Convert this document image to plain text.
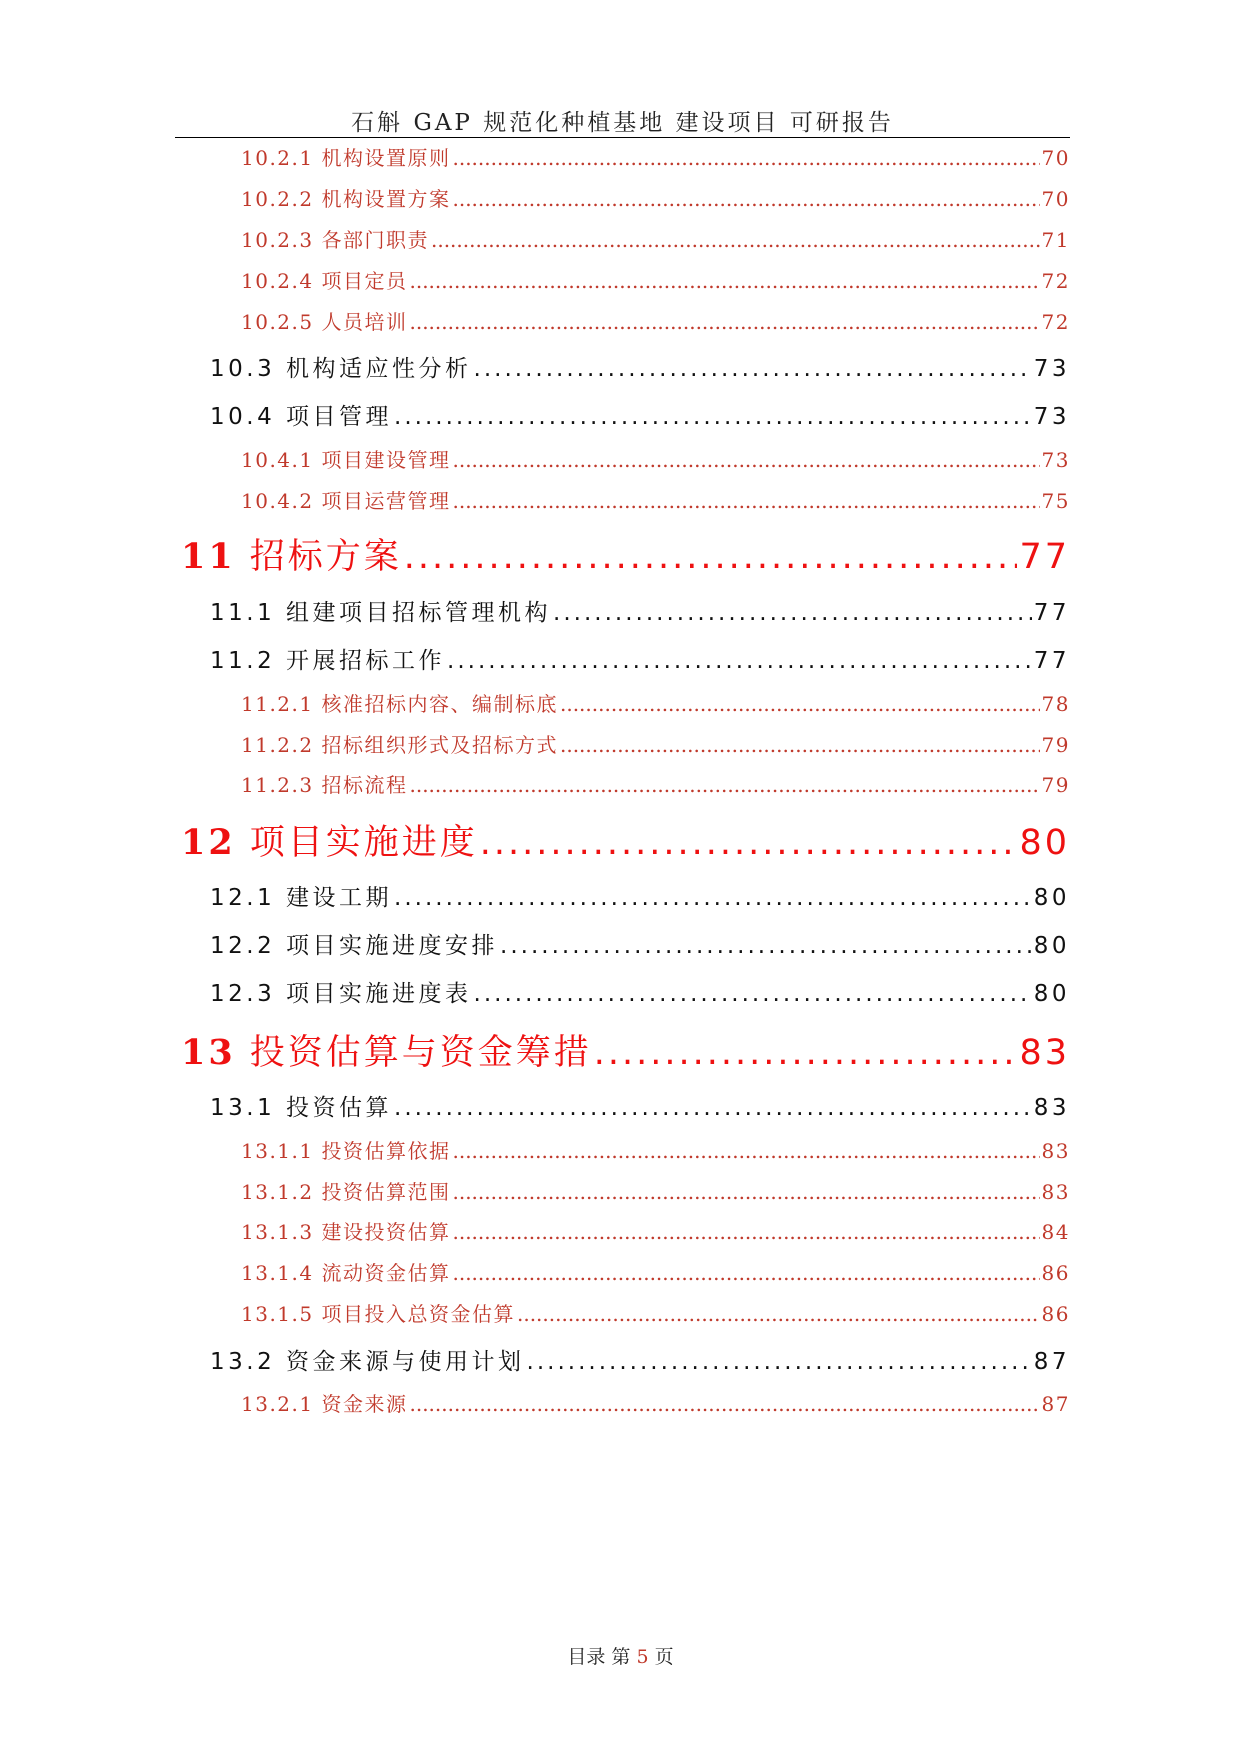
石斛 GAP 规范化种植基地 建设项目 可研报告
10.2.1 机构设置原则 .....	70
10.2.2 机构设置方案 .....	70
10.2.3 各部门职责 .....	71
10.2.4 项目定员 .....	72
10.2.5 人员培训 .....	72
10.3 机构适应性分析 .....	73
10.4 项目管理 .....	73
10.4.1 项目建设管理 .....	73
10.4.2 项目运营管理 .....	75
11 招标方案 .....	77
11.1 组建项目招标管理机构 .....	77
11.2 开展招标工作 .....	77
11.2.1 核准招标内容、编制标底 .....	78
11.2.2 招标组织形式及招标方式 .....	79
11.2.3 招标流程 .....	79
12 项目实施进度 .....	80
12.1 建设工期 .....	80
12.2 项目实施进度安排 .....	80
12.3 项目实施进度表 .....	80
13 投资估算与资金筹措 .....	83
13.1 投资估算 .....	83
13.1.1 投资估算依据 .....	83
13.1.2 投资估算范围 .....	83
13.1.3 建设投资估算 .....	84
13.1.4 流动资金估算 .....	86
13.1.5 项目投入总资金估算 .....	86
13.2 资金来源与使用计划 .....	87
13.2.1 资金来源 .....	87
目录 第 5 页
